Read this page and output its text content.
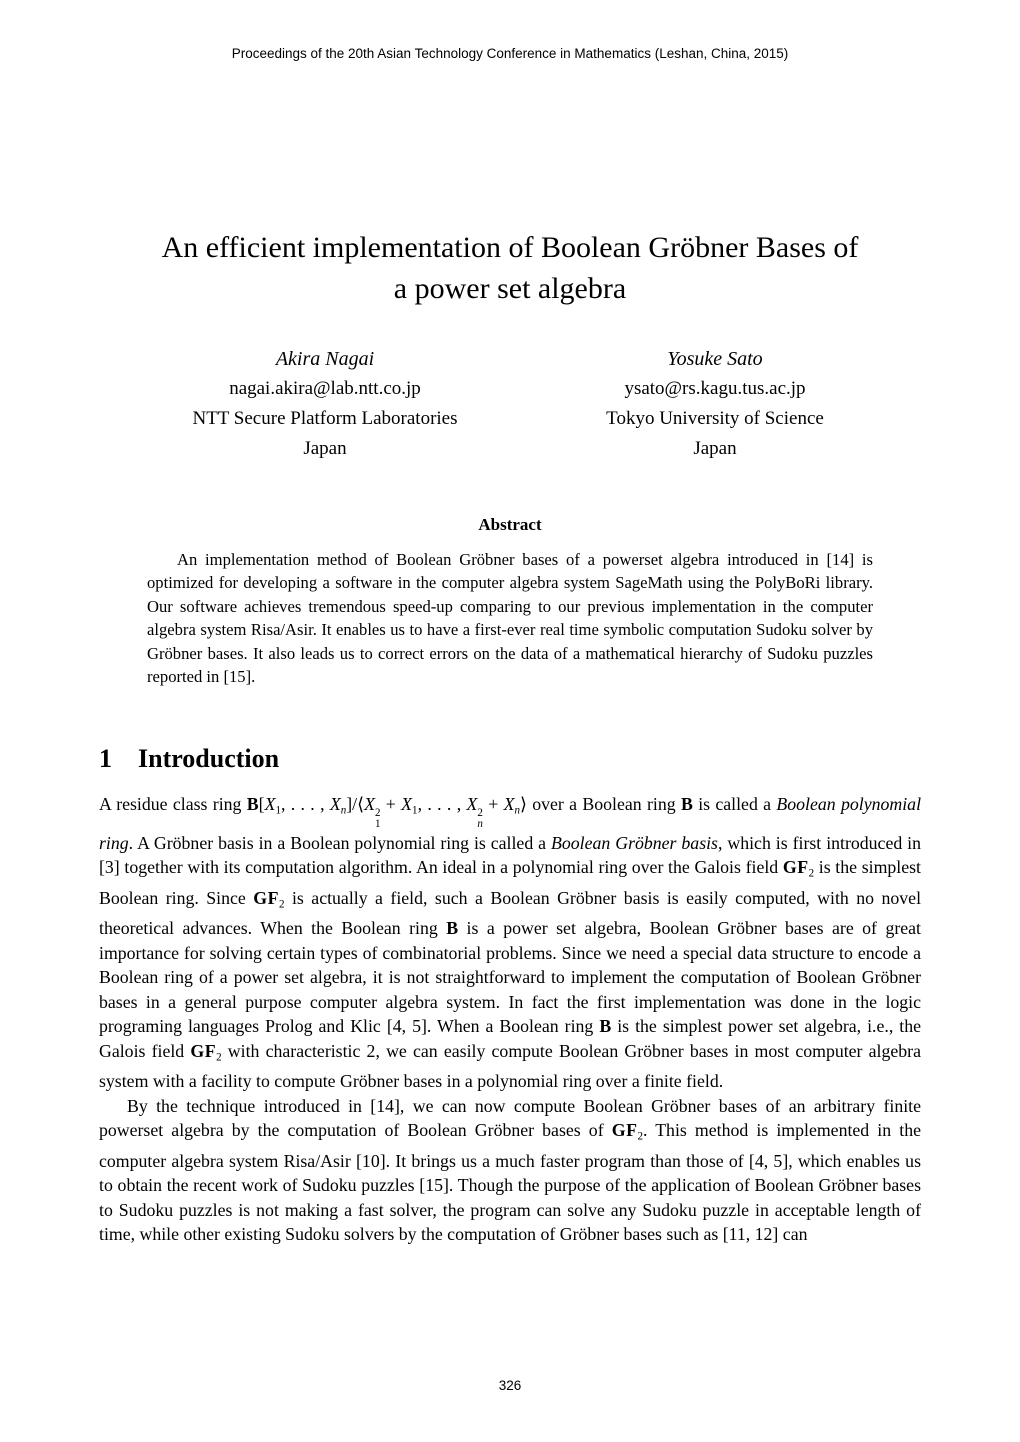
Proceedings of the 20th Asian Technology Conference in Mathematics (Leshan, China, 2015)
An efficient implementation of Boolean Gröbner Bases of
a power set algebra
Akira Nagai
nagai.akira@lab.ntt.co.jp
NTT Secure Platform Laboratories
Japan
Yosuke Sato
ysato@rs.kagu.tus.ac.jp
Tokyo University of Science
Japan
Abstract

An implementation method of Boolean Gröbner bases of a powerset algebra introduced in [14] is optimized for developing a software in the computer algebra system SageMath using the PolyBoRi library. Our software achieves tremendous speed-up comparing to our previous implementation in the computer algebra system Risa/Asir. It enables us to have a first-ever real time symbolic computation Sudoku solver by Gröbner bases. It also leads us to correct errors on the data of a mathematical hierarchy of Sudoku puzzles reported in [15].

1 Introduction

A residue class ring B[X1, . . . , Xn]/⟨X 2
1
+ X1, . . . , X 2
n
+ Xn⟩ over a Boolean ring B is called a Boolean polynomial ring. A Gröbner basis in a Boolean polynomial ring is called a Boolean Gröbner basis, which is first introduced in [3] together with its computation algorithm. An ideal in a polynomial ring over the Galois field GF2 is the simplest Boolean ring. Since GF2 is actually a field, such a Boolean Gröbner basis is easily computed, with no novel theoretical advances. When the Boolean ring B is a power set algebra, Boolean Gröbner bases are of great importance for solving certain types of combinatorial problems. Since we need a special data structure to encode a Boolean ring of a power set algebra, it is not straightforward to implement the computation of Boolean Gröbner bases in a general purpose computer algebra system. In fact the first implementation was done in the logic programing languages Prolog and Klic [4, 5]. When a Boolean ring B is the simplest power set algebra, i.e., the Galois field GF2 with characteristic 2, we can easily compute Boolean Gröbner bases in most computer algebra system with a facility to compute Gröbner bases in a polynomial ring over a finite field.

By the technique introduced in [14], we can now compute Boolean Gröbner bases of an arbitrary finite powerset algebra by the computation of Boolean Gröbner bases of GF2. This method is implemented in the computer algebra system Risa/Asir [10]. It brings us a much faster program than those of [4, 5], which enables us to obtain the recent work of Sudoku puzzles [15]. Though the purpose of the application of Boolean Gröbner bases to Sudoku puzzles is not making a fast solver, the program can solve any Sudoku puzzle in acceptable length of time, while other existing Sudoku solvers by the computation of Gröbner bases such as [11, 12] can

326
